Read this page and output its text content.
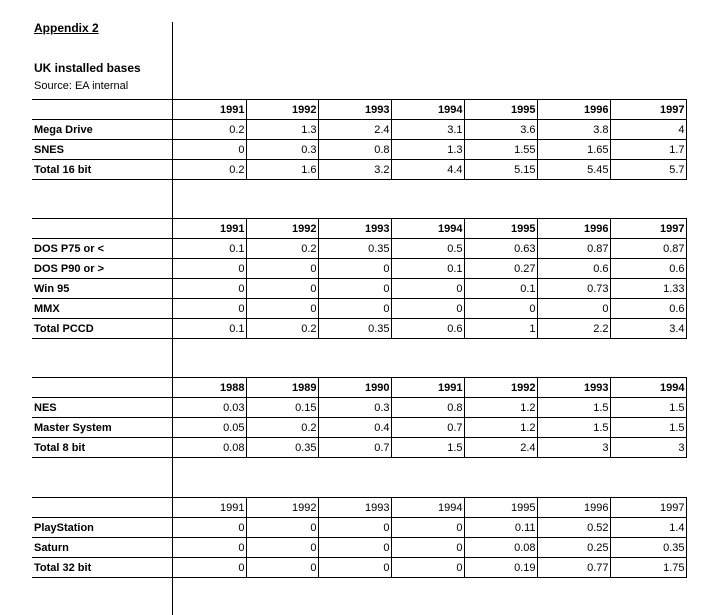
Appendix 2
UK installed bases
Source: EA internal
	1991	1992	1993	1994	1995	1996	1997
Mega Drive	0.2	1.3	2.4	3.1	3.6	3.8	4
SNES	0	0.3	0.8	1.3	1.55	1.65	1.7
Total 16 bit	0.2	1.6	3.2	4.4	5.15	5.45	5.7
	1991	1992	1993	1994	1995	1996	1997
DOS P75 or <	0.1	0.2	0.35	0.5	0.63	0.87	0.87
DOS P90 or >	0	0	0	0.1	0.27	0.6	0.6
Win 95	0	0	0	0	0.1	0.73	1.33
MMX	0	0	0	0	0	0	0.6
Total PCCD	0.1	0.2	0.35	0.6	1	2.2	3.4
	1988	1989	1990	1991	1992	1993	1994
NES	0.03	0.15	0.3	0.8	1.2	1.5	1.5
Master System	0.05	0.2	0.4	0.7	1.2	1.5	1.5
Total 8 bit	0.08	0.35	0.7	1.5	2.4	3	3
	1991	1992	1993	1994	1995	1996	1997
PlayStation	0	0	0	0	0.11	0.52	1.4
Saturn	0	0	0	0	0.08	0.25	0.35
Total 32 bit	0	0	0	0	0.19	0.77	1.75
